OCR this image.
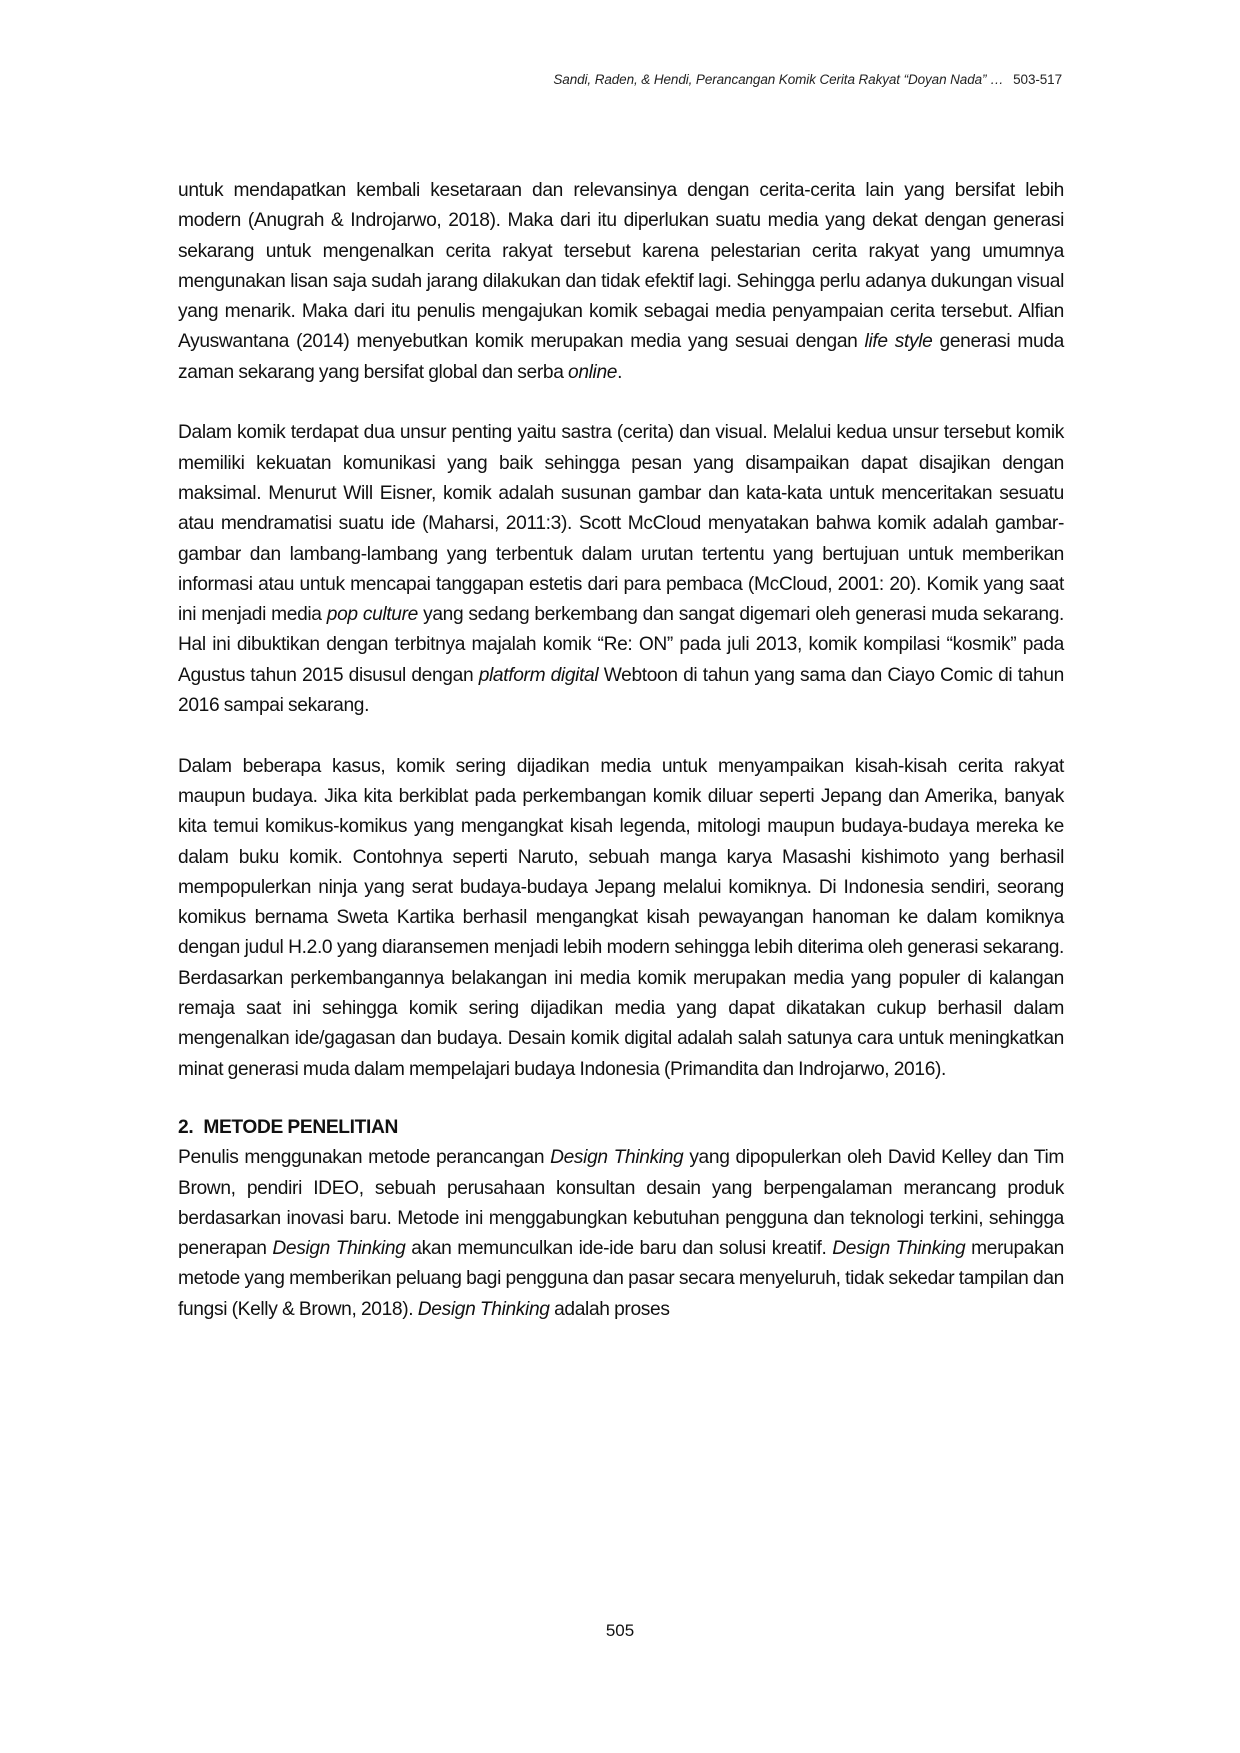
Sandi, Raden, & Hendi, Perancangan Komik Cerita Rakyat “Doyan Nada” … 503-517

untuk mendapatkan kembali kesetaraan dan relevansinya dengan cerita-cerita lain yang bersifat lebih modern (Anugrah & Indrojarwo, 2018). Maka dari itu diperlukan suatu media yang dekat dengan generasi sekarang untuk mengenalkan cerita rakyat tersebut karena pelestarian cerita rakyat yang umumnya mengunakan lisan saja sudah jarang dilakukan dan tidak efektif lagi. Sehingga perlu adanya dukungan visual yang menarik. Maka dari itu penulis mengajukan komik sebagai media penyampaian cerita tersebut. Alfian Ayuswantana (2014) menyebutkan komik merupakan media yang sesuai dengan life style generasi muda zaman sekarang yang bersifat global dan serba online.

Dalam komik terdapat dua unsur penting yaitu sastra (cerita) dan visual. Melalui kedua unsur tersebut komik memiliki kekuatan komunikasi yang baik sehingga pesan yang disampaikan dapat disajikan dengan maksimal. Menurut Will Eisner, komik adalah susunan gambar dan kata-kata untuk menceritakan sesuatu atau mendramatisi suatu ide (Maharsi, 2011:3). Scott McCloud menyatakan bahwa komik adalah gambar-gambar dan lambang-lambang yang terbentuk dalam urutan tertentu yang bertujuan untuk memberikan informasi atau untuk mencapai tanggapan estetis dari para pembaca (McCloud, 2001: 20). Komik yang saat ini menjadi media pop culture yang sedang berkembang dan sangat digemari oleh generasi muda sekarang. Hal ini dibuktikan dengan terbitnya majalah komik “Re: ON” pada juli 2013, komik kompilasi “kosmik” pada Agustus tahun 2015 disusul dengan platform digital Webtoon di tahun yang sama dan Ciayo Comic di tahun 2016 sampai sekarang.

Dalam beberapa kasus, komik sering dijadikan media untuk menyampaikan kisah-kisah cerita rakyat maupun budaya. Jika kita berkiblat pada perkembangan komik diluar seperti Jepang dan Amerika, banyak kita temui komikus-komikus yang mengangkat kisah legenda, mitologi maupun budaya-budaya mereka ke dalam buku komik. Contohnya seperti Naruto, sebuah manga karya Masashi kishimoto yang berhasil mempopulerkan ninja yang serat budaya-budaya Jepang melalui komiknya. Di Indonesia sendiri, seorang komikus bernama Sweta Kartika berhasil mengangkat kisah pewayangan hanoman ke dalam komiknya dengan judul H.2.0 yang diaransemen menjadi lebih modern sehingga lebih diterima oleh generasi sekarang. Berdasarkan perkembangannya belakangan ini media komik merupakan media yang populer di kalangan remaja saat ini sehingga komik sering dijadikan media yang dapat dikatakan cukup berhasil dalam mengenalkan ide/gagasan dan budaya. Desain komik digital adalah salah satunya cara untuk meningkatkan minat generasi muda dalam mempelajari budaya Indonesia (Primandita dan Indrojarwo, 2016).

2. METODE PENELITIAN

Penulis menggunakan metode perancangan Design Thinking yang dipopulerkan oleh David Kelley dan Tim Brown, pendiri IDEO, sebuah perusahaan konsultan desain yang berpengalaman merancang produk berdasarkan inovasi baru. Metode ini menggabungkan kebutuhan pengguna dan teknologi terkini, sehingga penerapan Design Thinking akan memunculkan ide-ide baru dan solusi kreatif. Design Thinking merupakan metode yang memberikan peluang bagi pengguna dan pasar secara menyeluruh, tidak sekedar tampilan dan fungsi (Kelly & Brown, 2018). Design Thinking adalah proses

505
